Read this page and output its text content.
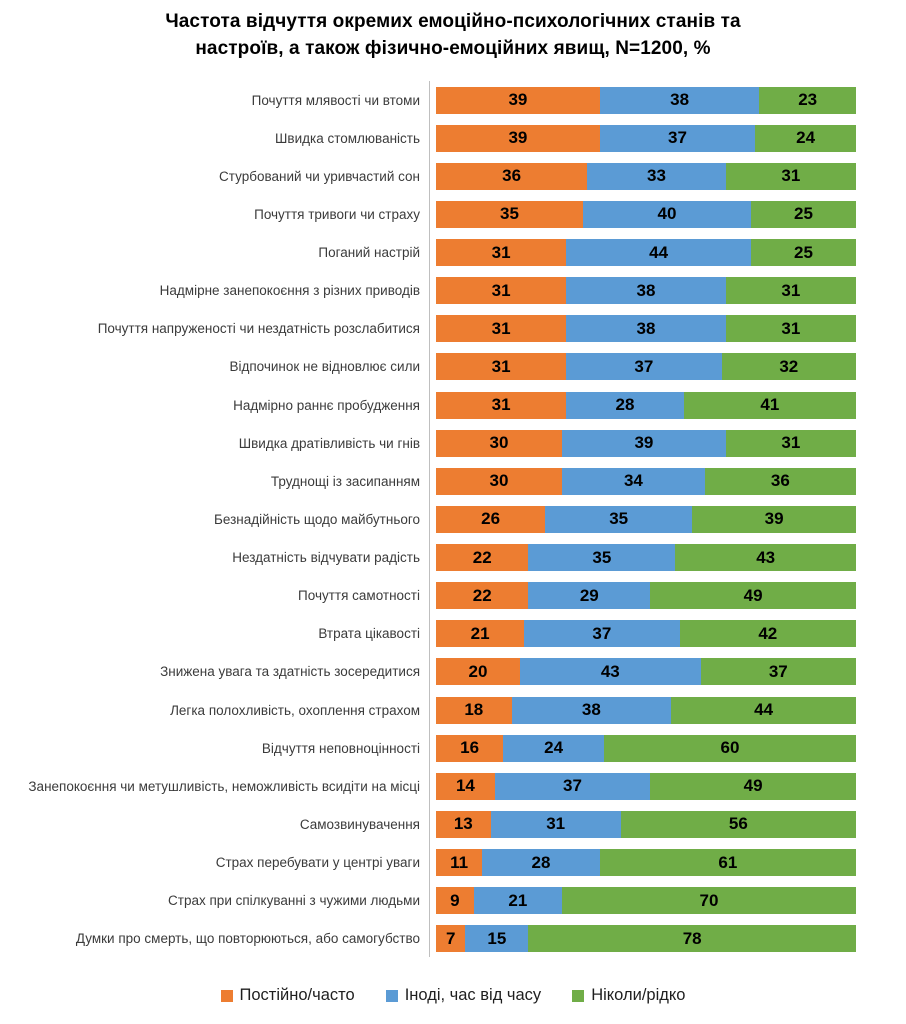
Частота відчуття окремих емоційно-психологічних станів та
настроїв, а також фізично-емоційних явищ, N=1200, %
Почуття млявості чи втоми	39	38	23
Швидка стомлюваність	39	37	24
Стурбований чи уривчастий сон	36	33	31
Почуття тривоги чи страху	35	40	25
Поганий настрій	31	44	25
Надмірне занепокоєння з різних приводів	31	38	31
Почуття напруженості чи нездатність розслабитися	31	38	31
Відпочинок не відновлює сили	31	37	32
Надмірно раннє пробудження	31	28	41
Швидка дратівливість чи гнів	30	39	31
Труднощі із засипанням	30	34	36
Безнадійність щодо майбутнього	26	35	39
Нездатність відчувати радість	22	35	43
Почуття самотності	22	29	49
Втрата цікавості	21	37	42
Знижена увага та здатність зосередитися	20	43	37
Легка полохливість, охоплення страхом	18	38	44
Відчуття неповноцінності	16	24	60
Занепокоєння чи метушливість, неможливість всидіти на місці	14	37	49
Самозвинувачення	13	31	56
Страх перебувати у центрі уваги	11	28	61
Страх при спілкуванні з чужими людьми	9	21	70
Думки про смерть, що повторюються, або самогубство	7 15	78
Постійно/часто	Іноді, час від часу	Ніколи/рідко
